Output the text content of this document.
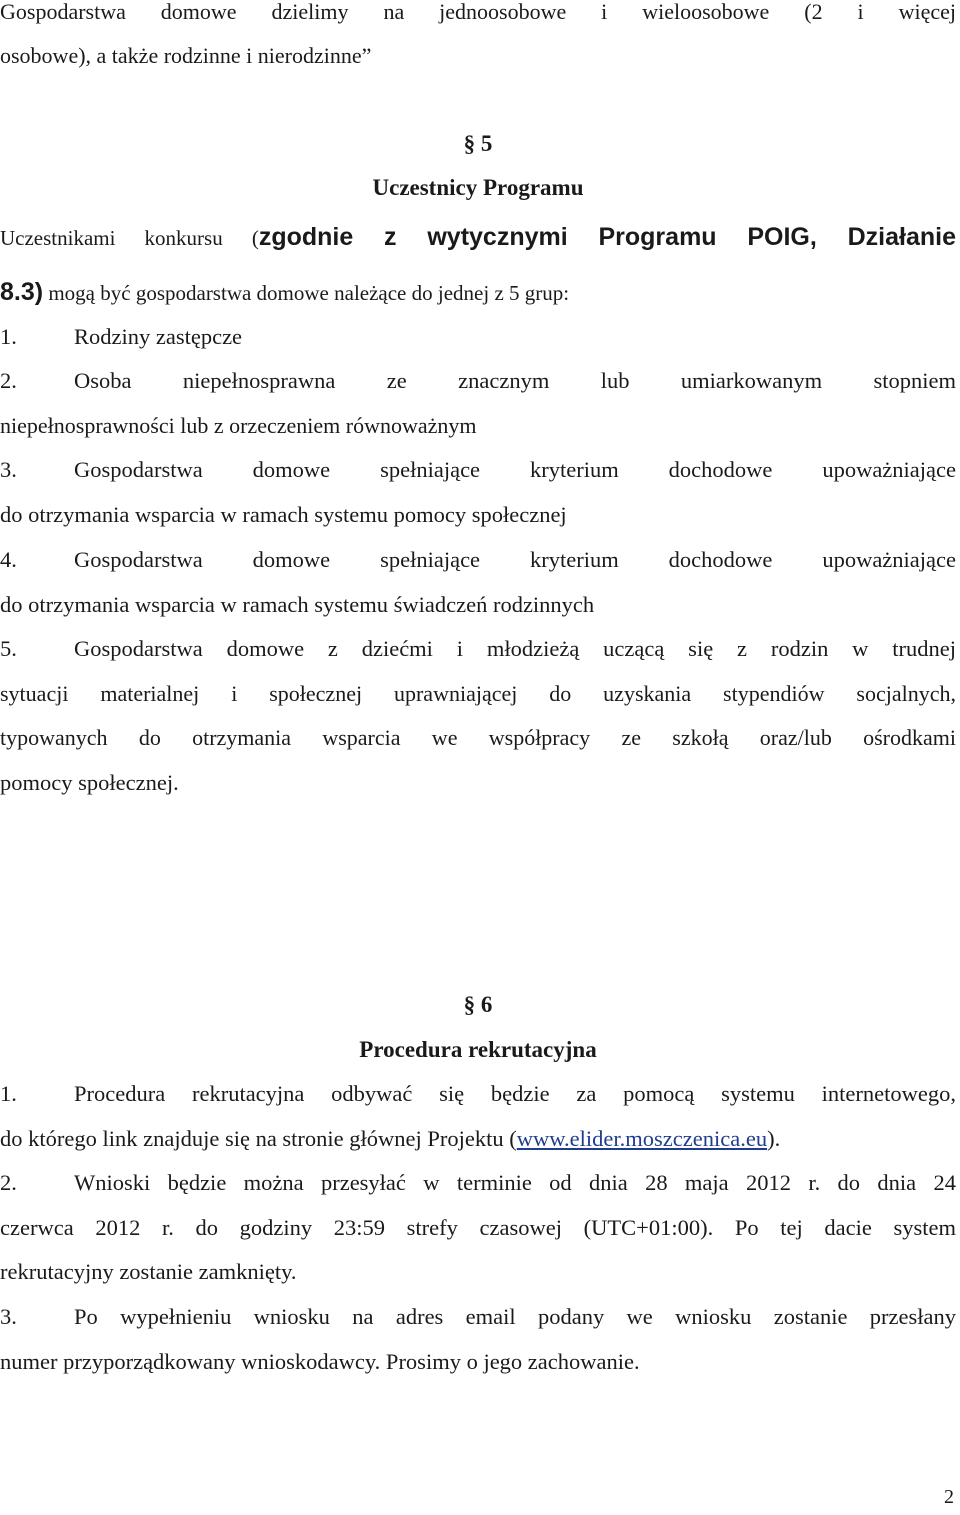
Gospodarstwa domowe dzielimy na jednoosobowe i wieloosobowe (2 i więcej
osobowe), a także rodzinne i nierodzinne”
§ 5
Uczestnicy Programu
Uczestnikami konkursu (zgodnie z wytycznymi Programu POIG, Działanie
8.3) mogą być gospodarstwa domowe należące do jednej z 5 grup:
1.	Rodziny zastępcze
2.	Osoba niepełnosprawna ze znacznym lub umiarkowanym stopniem
niepełnosprawności lub z orzeczeniem równoważnym
3.	Gospodarstwa domowe spełniające kryterium dochodowe upoważniające
do otrzymania wsparcia w ramach systemu pomocy społecznej
4.	Gospodarstwa domowe spełniające kryterium dochodowe upoważniające
do otrzymania wsparcia w ramach systemu świadczeń rodzinnych
5.	Gospodarstwa domowe z dziećmi i młodzieżą uczącą się z rodzin w trudnej
sytuacji materialnej i społecznej uprawniającej do uzyskania stypendiów socjalnych,
typowanych do otrzymania wsparcia we współpracy ze szkołą oraz/lub ośrodkami
pomocy społecznej.
§ 6
Procedura rekrutacyjna
1.	Procedura rekrutacyjna odbywać się będzie za pomocą systemu internetowego,
do którego link znajduje się na stronie głównej Projektu (www.elider.moszczenica.eu).
2.	Wnioski będzie można przesyłać w terminie od dnia 28 maja 2012 r. do dnia 24
czerwca 2012 r. do godziny 23:59 strefy czasowej (UTC+01:00). Po tej dacie system
rekrutacyjny zostanie zamknięty.
3.	Po wypełnieniu wniosku na adres email podany we wniosku zostanie przesłany
numer przyporządkowany wnioskodawcy. Prosimy o jego zachowanie.
2
